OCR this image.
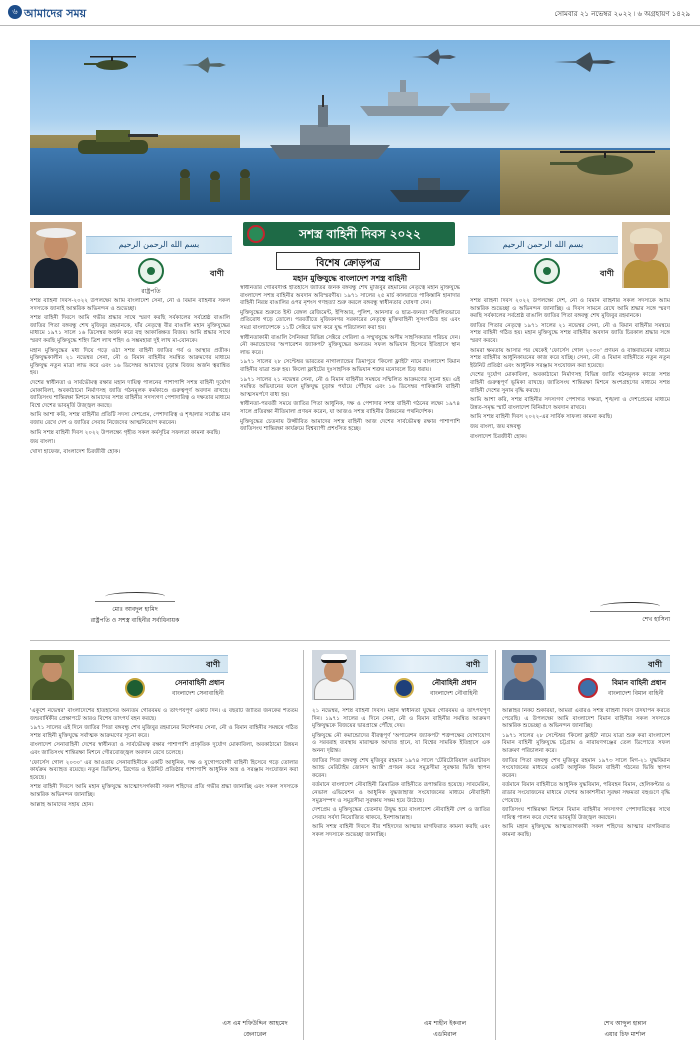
৬ আমাদের সময়	সোমবার ২১ নভেম্বর ২০২২ ৷ ৬ অগ্রহায়ণ ১৪২৯
সশস্ত্র বাহিনী দিবস ২০২২
বিশেষ ক্রোড়পত্র
মহান মুক্তিযুদ্ধে বাংলাদেশ সশস্ত্র বাহিনী
بسم الله الرحمن الرحيم
রাষ্ট্রপতি
বাণী

সশস্ত্র বাহিনী দিবস-২০২২ উপলক্ষ্যে আমি বাংলাদেশ সেনা, নৌ ও বিমান বাহিনীর সকল সদস্যকে জানাই আন্তরিক অভিনন্দন ও শুভেচ্ছা।

সশস্ত্র বাহিনী দিবসে আমি গভীর শ্রদ্ধার সাথে স্মরণ করছি সর্বকালের সর্বশ্রেষ্ঠ বাঙালি জাতির পিতা বঙ্গবন্ধু শেখ মুজিবুর রহমানকে, যাঁর নেতৃত্বে বীর বাঙালি মহান মুক্তিযুদ্ধের মাধ্যমে ১৯৭১ সালে ১৬ ডিসেম্বর অর্জন করে বহু আকাঙ্ক্ষিত বিজয়। আমি শ্রদ্ধার সাথে স্মরণ করছি মুক্তিযুদ্ধে শহিদ ত্রিশ লাখ শহিদ ও সম্ভ্রমহারা দুই লাখ মা-বোনকে।

মহান মুক্তিযুদ্ধের মধ্য দিয়ে গড়ে ওঠা সশস্ত্র বাহিনী জাতির গর্ব ও আস্থার প্রতীক। মুক্তিযুদ্ধকালীন ২১ নভেম্বর সেনা, নৌ ও বিমান বাহিনীর সমন্বিত আক্রমণের মাধ্যমে মুক্তিযুদ্ধ নতুন মাত্রা লাভ করে এবং ১৬ ডিসেম্বর আমাদের চূড়ান্ত বিজয় অর্জন ত্বরান্বিত হয়।

দেশের স্বাধীনতা ও সার্বভৌমত্ব রক্ষার মহান দায়িত্ব পালনের পাশাপাশি সশস্ত্র বাহিনী দুর্যোগ মোকাবিলা, অবকাঠামো নির্মাণসহ জাতি গঠনমূলক কর্মকাণ্ডে গুরুত্বপূর্ণ অবদান রাখছে। জাতিসংঘ শান্তিরক্ষা মিশনে আমাদের সশস্ত্র বাহিনীর সদস্যগণ পেশাদারিত্ব ও দক্ষতার মাধ্যমে বিশ্বে দেশের ভাবমূর্তি উজ্জ্বল করছে।

আমি আশা করি, সশস্ত্র বাহিনীর প্রতিটি সদস্য দেশপ্রেম, পেশাদারিত্ব ও শৃঙ্খলার সর্বোচ্চ মান বজায় রেখে দেশ ও জাতির সেবায় নিজেদের আত্মনিয়োগ করবেন।

আমি সশস্ত্র বাহিনী দিবস ২০২২ উপলক্ষ্যে গৃহীত সকল কর্মসূচির সফলতা কামনা করছি।

জয় বাংলা।

খোদা হাফেজ, বাংলাদেশ চিরজীবী হোক।

মোঃ আবদুল হামিদ
রাষ্ট্রপতি ও সশস্ত্র বাহিনীর সর্বাধিনায়ক

স্বাধীনতার গৌরবদীপ্ত ইতিহাসে জাতির জনক বঙ্গবন্ধু শেখ মুজিবুর রহমানের নেতৃত্বে মহান মুক্তিযুদ্ধে বাংলাদেশ সশস্ত্র বাহিনীর অবদান অবিস্মরণীয়। ১৯৭১ সালের ২৫ মার্চ কালরাতে পাকিস্তানি হানাদার বাহিনী নিরস্ত্র বাঙালির ওপর নৃশংস গণহত্যা শুরু করলে বঙ্গবন্ধু স্বাধীনতার ঘোষণা দেন।

মুক্তিযুদ্ধের শুরুতে ইস্ট বেঙ্গল রেজিমেন্ট, ইপিআর, পুলিশ, আনসার ও ছাত্র-জনতা সম্মিলিতভাবে প্রতিরোধ গড়ে তোলে। পরবর্তীতে মুজিবনগর সরকারের নেতৃত্বে মুক্তিবাহিনী সুসংগঠিত হয় এবং সমগ্র বাংলাদেশকে ১১টি সেক্টরে ভাগ করে যুদ্ধ পরিচালনা করা হয়।

স্বাধীনতাকামী বাঙালি সৈনিকরা বিভিন্ন সেক্টরে গেরিলা ও সম্মুখযুদ্ধে অসীম সাহসিকতার পরিচয় দেন। নৌ কমান্ডোদের 'অপারেশন জ্যাকপট' মুক্তিযুদ্ধের অন্যতম সফল অভিযান হিসেবে ইতিহাসে স্থান লাভ করে।

১৯৭১ সালের ২৮ সেপ্টেম্বর ভারতের নাগাল্যান্ডের ডিমাপুরে 'কিলো ফ্লাইট' নামে বাংলাদেশ বিমান বাহিনীর যাত্রা শুরু হয়। কিলো ফ্লাইটের দুঃসাহসিক অভিযান শত্রুর মনোবলে চিড় ধরায়।

১৯৭১ সালের ২১ নভেম্বর সেনা, নৌ ও বিমান বাহিনীর সমন্বয়ে সম্মিলিত আক্রমণের সূচনা হয়। এই সমন্বিত অভিযানের ফলে মুক্তিযুদ্ধ চূড়ান্ত পর্যায়ে পৌঁছায় এবং ১৬ ডিসেম্বর পাকিস্তানি বাহিনী আত্মসমর্পণে বাধ্য হয়।

স্বাধীনতা-পরবর্তী সময়ে জাতির পিতা আধুনিক, দক্ষ ও পেশাদার সশস্ত্র বাহিনী গঠনের লক্ষ্যে ১৯৭৪ সালে প্রতিরক্ষা নীতিমালা প্রণয়ন করেন, যা আজও সশস্ত্র বাহিনীর উন্নয়নের পথনির্দেশক।

মুক্তিযুদ্ধের চেতনায় উজ্জীবিত আমাদের সশস্ত্র বাহিনী আজ দেশের সার্বভৌমত্ব রক্ষার পাশাপাশি জাতিসংঘ শান্তিরক্ষা কার্যক্রমে বিশ্বব্যাপী প্রশংসিত হচ্ছে।

بسم الله الرحمن الرحيم
বাণী

সশস্ত্র বাহিনী দিবস ২০২২ উপলক্ষ্যে দেশ, নৌ ও বিমান বাহিনীর সকল সদস্যকে আমি আন্তরিক শুভেচ্ছা ও অভিনন্দন জানাচ্ছি। এ দিবস সামনে রেখে আমি শ্রদ্ধার সঙ্গে স্মরণ করছি সর্বকালের সর্বশ্রেষ্ঠ বাঙালি জাতির পিতা বঙ্গবন্ধু শেখ মুজিবুর রহমানকে।

জাতির পিতার নেতৃত্বে ১৯৭১ সালের ২১ নভেম্বর সেনা, নৌ ও বিমান বাহিনীর সমন্বয়ে সশস্ত্র বাহিনী গঠিত হয়। মহান মুক্তিযুদ্ধে সশস্ত্র বাহিনীর অবদান জাতি চিরকাল শ্রদ্ধার সঙ্গে স্মরণ করবে।

আমরা ক্ষমতায় আসার পর থেকেই 'ফোর্সেস গোল ২০৩০' প্রণয়ন ও বাস্তবায়নের মাধ্যমে সশস্ত্র বাহিনীর আধুনিকায়নের কাজ করে যাচ্ছি। সেনা, নৌ ও বিমান বাহিনীতে নতুন নতুন ইউনিট প্রতিষ্ঠা এবং আধুনিক সরঞ্জাম সংযোজন করা হয়েছে।

দেশের দুর্যোগ মোকাবিলা, অবকাঠামো নির্মাণসহ বিভিন্ন জাতি গঠনমূলক কাজে সশস্ত্র বাহিনী গুরুত্বপূর্ণ ভূমিকা রাখছে। জাতিসংঘ শান্তিরক্ষা মিশনে অংশগ্রহণের মাধ্যমে সশস্ত্র বাহিনী দেশের সুনাম বৃদ্ধি করছে।

আমি আশা করি, সশস্ত্র বাহিনীর সদস্যগণ পেশাগত দক্ষতা, শৃঙ্খলা ও দেশপ্রেমের মাধ্যমে উন্নত-সমৃদ্ধ স্মার্ট বাংলাদেশ বিনির্মাণে অবদান রাখবে।

আমি সশস্ত্র বাহিনী দিবস ২০২২-এর সার্বিক সাফল্য কামনা করছি।

জয় বাংলা, জয় বঙ্গবন্ধু

বাংলাদেশ চিরজীবী হোক।

শেখ হাসিনা
বাণী
সেনাবাহিনী প্রধান
বাংলাদেশ সেনাবাহিনী

'একুশে নভেম্বর' বাংলাদেশের ইতিহাসের অন্যতম গৌরবময় ও তাৎপর্যপূর্ণ একটি দিন। এ বছরটি জাতির জনকের শততম জন্মবার্ষিকীর প্রেক্ষাপটে আরও বিশেষ তাৎপর্য বহন করছে।

১৯৭১ সালের এই দিনে জাতির পিতা বঙ্গবন্ধু শেখ মুজিবুর রহমানের নির্দেশনায় সেনা, নৌ ও বিমান বাহিনীর সমন্বয়ে গঠিত সশস্ত্র বাহিনী মুক্তিযুদ্ধে সর্বাত্মক আক্রমণের সূচনা করে।

বাংলাদেশ সেনাবাহিনী দেশের স্বাধীনতা ও সার্বভৌমত্ব রক্ষার পাশাপাশি প্রাকৃতিক দুর্যোগ মোকাবিলা, অবকাঠামো উন্নয়ন এবং জাতিসংঘ শান্তিরক্ষা মিশনে গৌরবোজ্জ্বল অবদান রেখে চলেছে।

'ফোর্সেস গোল ২০৩০' এর আওতায় সেনাবাহিনীকে একটি আধুনিক, দক্ষ ও যুগোপযোগী বাহিনী হিসেবে গড়ে তোলার কার্যক্রম অব্যাহত রয়েছে। নতুন ডিভিশন, ব্রিগেড ও ইউনিট প্রতিষ্ঠার পাশাপাশি আধুনিক অস্ত্র ও সরঞ্জাম সংযোজন করা হয়েছে।

সশস্ত্র বাহিনী দিবসে আমি মহান মুক্তিযুদ্ধে আত্মোৎসর্গকারী সকল শহিদের প্রতি গভীর শ্রদ্ধা জানাচ্ছি এবং সকল সদস্যকে আন্তরিক অভিনন্দন জানাচ্ছি।

আল্লাহ আমাদের সহায় হোন।

এস এম শফিউদ্দিন আহমেদ
জেনারেল
বাণী
নৌবাহিনী প্রধান
বাংলাদেশ নৌবাহিনী

২১ নভেম্বর, সশস্ত্র বাহিনী দিবস। মহান স্বাধীনতা যুদ্ধের গৌরবময় ও তাৎপর্যপূর্ণ দিন। ১৯৭১ সালের এ দিনে সেনা, নৌ ও বিমান বাহিনীর সমন্বিত আক্রমণ মুক্তিযুদ্ধকে বিজয়ের দ্বারপ্রান্তে পৌঁছে দেয়।

মুক্তিযুদ্ধে নৌ কমান্ডোদের বীরত্বপূর্ণ 'অপারেশন জ্যাকপট' শত্রুপক্ষের যোগাযোগ ও সরবরাহ ব্যবস্থায় মারাত্মক আঘাত হানে, যা বিশ্বের সামরিক ইতিহাসে এক অনন্য দৃষ্টান্ত।

জাতির পিতা বঙ্গবন্ধু শেখ মুজিবুর রহমান ১৯৭৪ সালে 'টেরিটোরিয়াল ওয়াটারস অ্যান্ড মেরিটাইম জোনস অ্যাক্ট' প্রণয়ন করে সমুদ্রসীমা সুরক্ষার ভিত্তি স্থাপন করেন।

বর্তমানে বাংলাদেশ নৌবাহিনী ত্রিমাত্রিক বাহিনীতে রূপান্তরিত হয়েছে। সাবমেরিন, নেভাল এভিয়েশন ও আধুনিক যুদ্ধজাহাজ সংযোজনের মাধ্যমে নৌবাহিনী সমুদ্রসম্পদ ও সমুদ্রসীমা সুরক্ষায় সক্ষম হয়ে উঠেছে।

দেশপ্রেম ও মুক্তিযুদ্ধের চেতনায় উদ্বুদ্ধ হয়ে বাংলাদেশ নৌবাহিনী দেশ ও জাতির সেবায় সর্বদা নিয়োজিত থাকবে, ইনশাআল্লাহ।

আমি সশস্ত্র বাহিনী দিবসে বীর শহিদদের আত্মার মাগফিরাত কামনা করছি এবং সকল সদস্যকে শুভেচ্ছা জানাচ্ছি।

এম শাহীন ইকবাল
এডমিরাল
বাণী
বিমান বাহিনী প্রধান
বাংলাদেশ বিমান বাহিনী

আল্লাহর নিকট শুকরিয়া, আমরা এবারও সশস্ত্র বাহিনী দিবস উদযাপন করতে পেরেছি। এ উপলক্ষ্যে আমি বাংলাদেশ বিমান বাহিনীর সকল সদস্যকে আন্তরিক শুভেচ্ছা ও অভিনন্দন জানাচ্ছি।

১৯৭১ সালের ২৮ সেপ্টেম্বর 'কিলো ফ্লাইট' নামে যাত্রা শুরু করা বাংলাদেশ বিমান বাহিনী মুক্তিযুদ্ধে চট্টগ্রাম ও নারায়ণগঞ্জের তেল ডিপোতে সফল আক্রমণ পরিচালনা করে।

জাতির পিতা বঙ্গবন্ধু শেখ মুজিবুর রহমান ১৯৭৩ সালে মিগ-২১ যুদ্ধবিমান সংযোজনের মাধ্যমে একটি আধুনিক বিমান বাহিনী গঠনের ভিত্তি স্থাপন করেন।

বর্তমানে বিমান বাহিনীতে আধুনিক যুদ্ধবিমান, পরিবহন বিমান, হেলিকপ্টার ও রাডার সংযোজনের মাধ্যমে দেশের আকাশসীমা সুরক্ষা সক্ষমতা বহুগুণে বৃদ্ধি পেয়েছে।

জাতিসংঘ শান্তিরক্ষা মিশনে বিমান বাহিনীর সদস্যগণ পেশাদারিত্বের সাথে দায়িত্ব পালন করে দেশের ভাবমূর্তি উজ্জ্বল করছেন।

আমি মহান মুক্তিযুদ্ধে আত্মত্যাগকারী সকল শহিদের আত্মার মাগফিরাত কামনা করছি।

শেখ আব্দুল হান্নান
এয়ার চিফ মার্শাল
